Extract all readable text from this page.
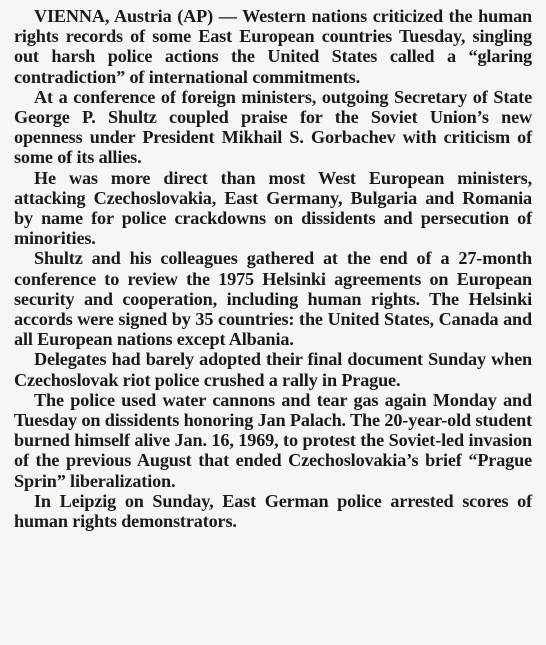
VIENNA, Austria (AP) — Western nations criticized the human rights records of some East European countries Tuesday, singling out harsh police actions the United States called a “glaring contradiction” of international commitments.

At a conference of foreign ministers, outgoing Secretary of State George P. Shultz coupled praise for the Soviet Union’s new openness under President Mikhail S. Gorbachev with criticism of some of its allies.

He was more direct than most West European ministers, attacking Czechoslovakia, East Germany, Bulgaria and Romania by name for police crackdowns on dissidents and persecution of minorities.

Shultz and his colleagues gathered at the end of a 27-month conference to review the 1975 Helsinki agreements on European security and cooperation, including human rights. The Helsinki accords were signed by 35 countries: the United States, Canada and all European nations except Albania.

Delegates had barely adopted their final document Sunday when Czechoslovak riot police crushed a rally in Prague.

The police used water cannons and tear gas again Monday and Tuesday on dissidents honoring Jan Palach. The 20-year-old student burned himself alive Jan. 16, 1969, to protest the Soviet-led invasion of the previous August that ended Czechoslovakia’s brief “Prague Sprin” liberalization.

In Leipzig on Sunday, East German police arrested scores of human rights demonstrators.
